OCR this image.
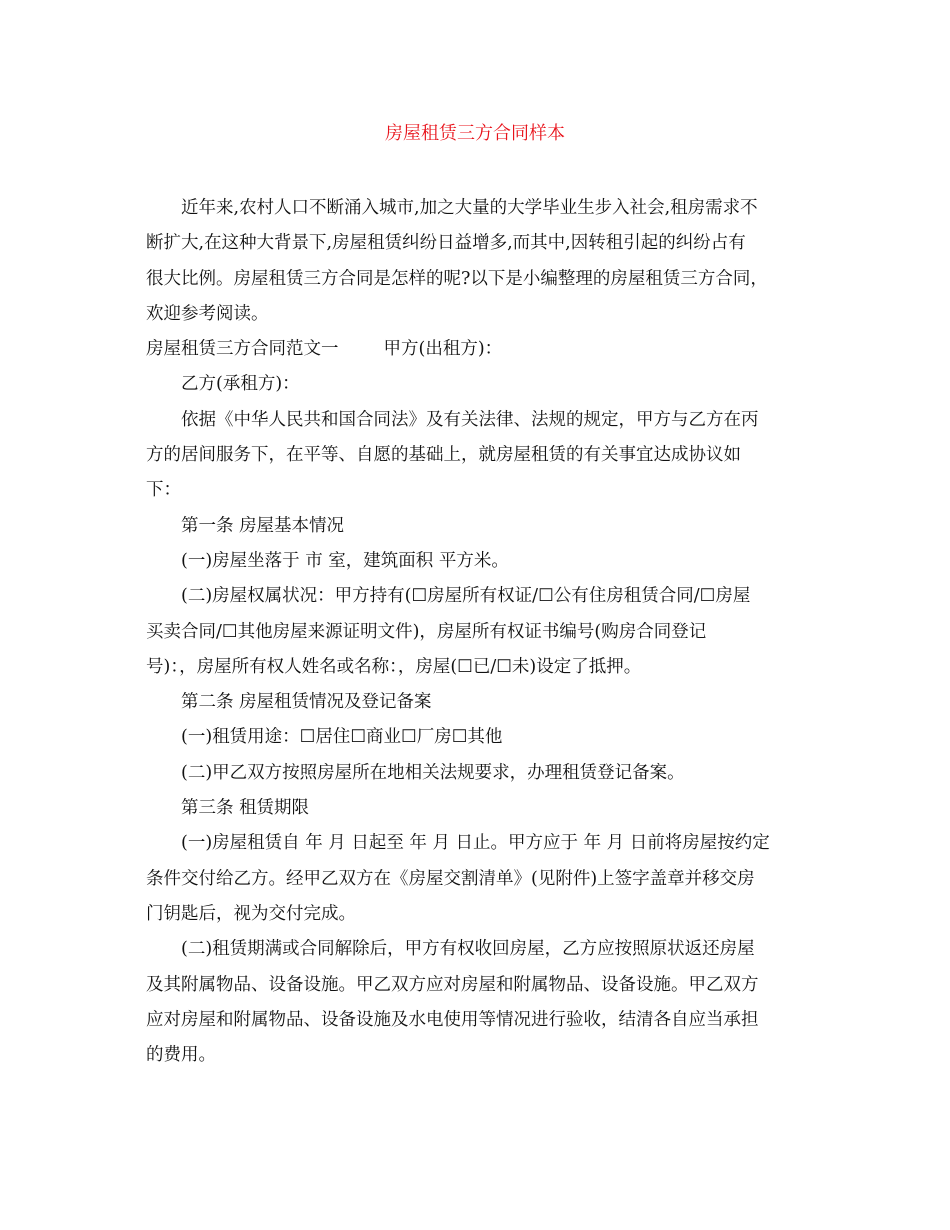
房屋租赁三方合同样本
近年来,农村人口不断涌入城市,加之大量的大学毕业生步入社会,租房需求不
断扩大,在这种大背景下,房屋租赁纠纷日益增多,而其中,因转租引起的纠纷占有
很大比例。房屋租赁三方合同是怎样的呢?以下是小编整理的房屋租赁三方合同，
欢迎参考阅读。
房屋租赁三方合同范文一	甲方(出租方)：
乙方(承租方)：
依据《中华人民共和国合同法》及有关法律、法规的规定，甲方与乙方在丙
方的居间服务下，在平等、自愿的基础上，就房屋租赁的有关事宜达成协议如
下：
第一条 房屋基本情况
(一)房屋坐落于 市 室，建筑面积 平方米。
(二)房屋权属状况：甲方持有(☐房屋所有权证/☐公有住房租赁合同/☐房屋
买卖合同/☐其他房屋来源证明文件)，房屋所有权证书编号(购房合同登记
号)：，房屋所有权人姓名或名称：，房屋(☐已/☐未)设定了抵押。
第二条 房屋租赁情况及登记备案
(一)租赁用途：☐居住☐商业☐厂房☐其他
(二)甲乙双方按照房屋所在地相关法规要求，办理租赁登记备案。
第三条 租赁期限
(一)房屋租赁自 年 月 日起至 年 月 日止。甲方应于 年 月 日前将房屋按约定
条件交付给乙方。经甲乙双方在《房屋交割清单》(见附件)上签字盖章并移交房
门钥匙后，视为交付完成。
(二)租赁期满或合同解除后，甲方有权收回房屋，乙方应按照原状返还房屋
及其附属物品、设备设施。甲乙双方应对房屋和附属物品、设备设施。甲乙双方
应对房屋和附属物品、设备设施及水电使用等情况进行验收，结清各自应当承担
的费用。
